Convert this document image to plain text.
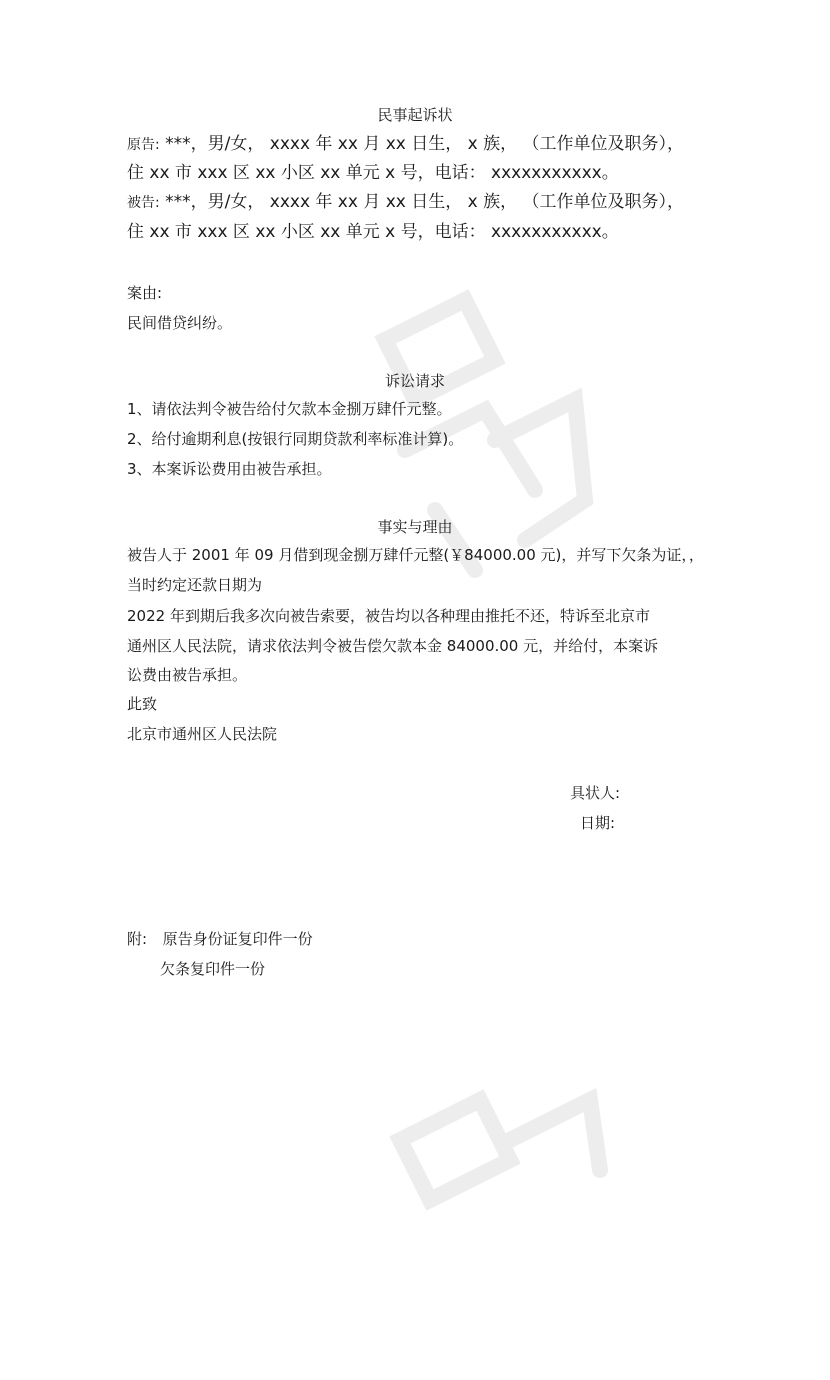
民事起诉状
原告: ***，男/女， xxxx 年 xx 月 xx 日生， x 族， （工作单位及职务），
住 xx 市 xxx 区 xx 小区 xx 单元 x 号，电话： xxxxxxxxxxx。
被告: ***，男/女， xxxx 年 xx 月 xx 日生， x 族， （工作单位及职务），
住 xx 市 xxx 区 xx 小区 xx 单元 x 号，电话： xxxxxxxxxxx。
案由:
民间借贷纠纷。
诉讼请求
1、请依法判令被告给付欠款本金捌万肆仟元整。
2、给付逾期利息(按银行同期贷款利率标准计算)。
3、本案诉讼费用由被告承担。
事实与理由
被告人于 2001 年 09 月借到现金捌万肆仟元整(￥84000.00 元)，并写下欠条为证，，
当时约定还款日期为
2022 年到期后我多次向被告索要，被告均以各种理由推托不还，特诉至北京市
通州区人民法院，请求依法判令被告偿欠款本金 84000.00 元，并给付，本案诉
讼费由被告承担。
此致
北京市通州区人民法院
具状人:
日期:
附: 原告身份证复印件一份
欠条复印件一份
